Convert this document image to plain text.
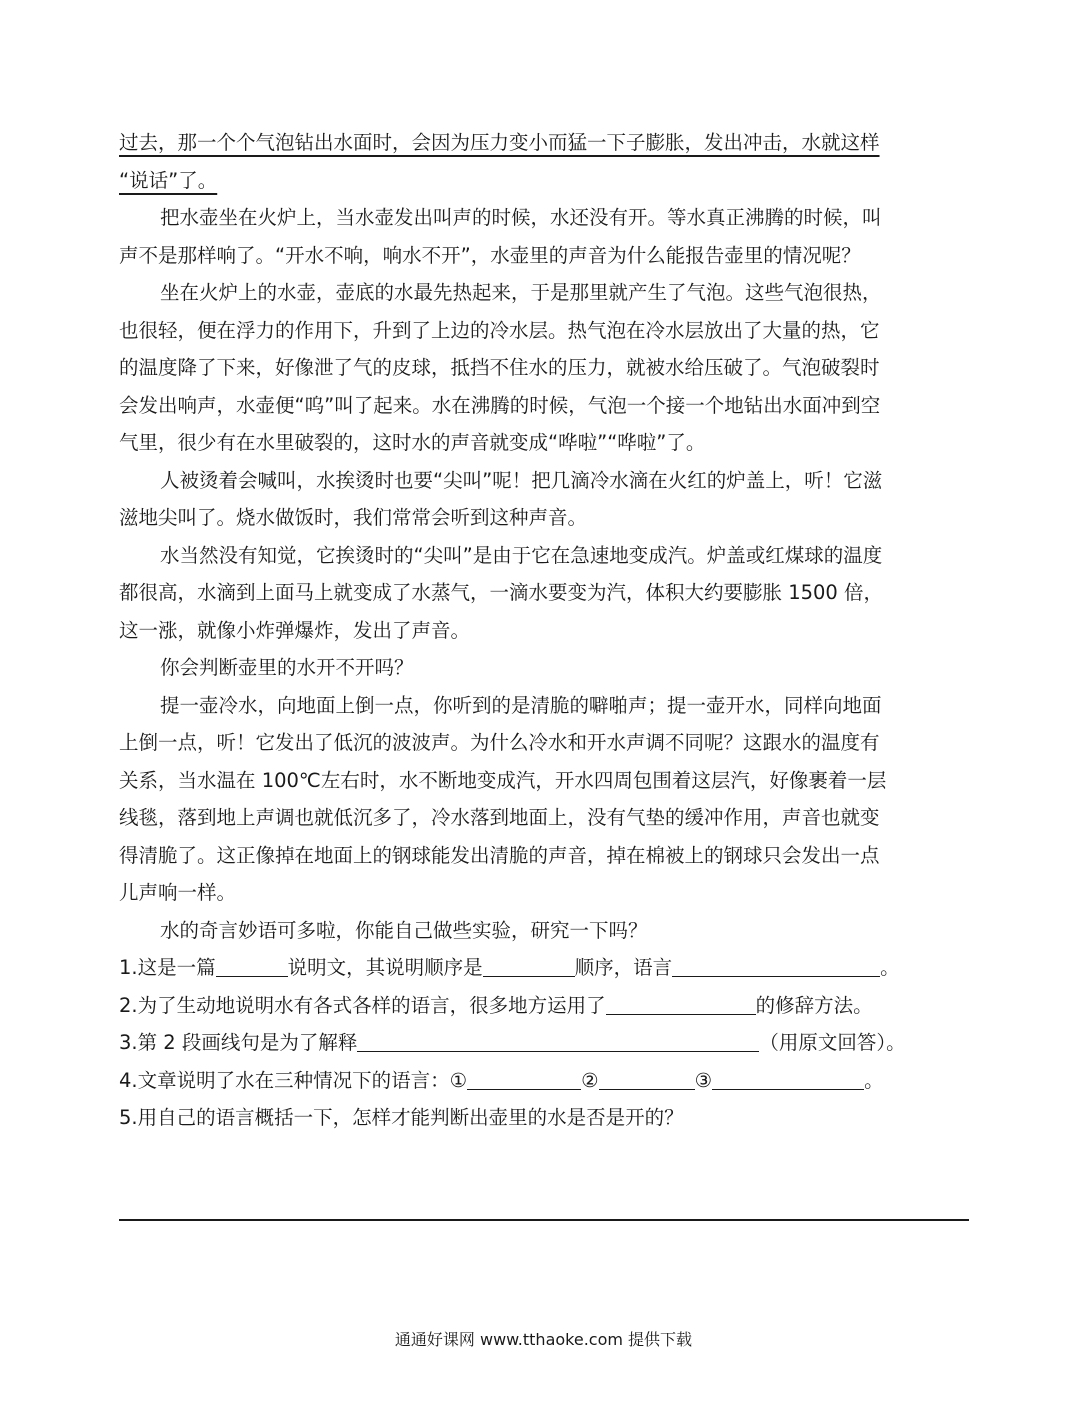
过去，那一个个气泡钻出水面时，会因为压力变小而猛一下子膨胀，发出冲击，水就这样
“说话”了。
把水壶坐在火炉上，当水壶发出叫声的时候，水还没有开。等水真正沸腾的时候，叫
声不是那样响了。“开水不响，响水不开”，水壶里的声音为什么能报告壶里的情况呢？
坐在火炉上的水壶，壶底的水最先热起来，于是那里就产生了气泡。这些气泡很热，
也很轻，便在浮力的作用下，升到了上边的冷水层。热气泡在冷水层放出了大量的热，它
的温度降了下来，好像泄了气的皮球，抵挡不住水的压力，就被水给压破了。气泡破裂时
会发出响声，水壶便“呜”叫了起来。水在沸腾的时候，气泡一个接一个地钻出水面冲到空
气里，很少有在水里破裂的，这时水的声音就变成“哗啦”“哗啦”了。
人被烫着会喊叫，水挨烫时也要“尖叫”呢！把几滴冷水滴在火红的炉盖上，听！它滋
滋地尖叫了。烧水做饭时，我们常常会听到这种声音。
水当然没有知觉，它挨烫时的“尖叫”是由于它在急速地变成汽。炉盖或红煤球的温度
都很高，水滴到上面马上就变成了水蒸气，一滴水要变为汽，体积大约要膨胀 1500 倍，
这一涨，就像小炸弹爆炸，发出了声音。
你会判断壶里的水开不开吗？
提一壶冷水，向地面上倒一点，你听到的是清脆的噼啪声；提一壶开水，同样向地面
上倒一点，听！它发出了低沉的波波声。为什么冷水和开水声调不同呢？这跟水的温度有
关系，当水温在 100℃左右时，水不断地变成汽，开水四周包围着这层汽，好像裹着一层
线毯，落到地上声调也就低沉多了，冷水落到地面上，没有气垫的缓冲作用，声音也就变
得清脆了。这正像掉在地面上的钢球能发出清脆的声音，掉在棉被上的钢球只会发出一点
儿声响一样。
水的奇言妙语可多啦，你能自己做些实验，研究一下吗？
1.这是一篇	说明文，其说明顺序是	顺序，语言	。
2.为了生动地说明水有各式各样的语言，很多地方运用了	的修辞方法。
3.第 2 段画线句是为了解释	（用原文回答）。
4.文章说明了水在三种情况下的语言：①	②	③	。
5.用自己的语言概括一下，怎样才能判断出壶里的水是否是开的？
通通好课网 www.tthaoke.com 提供下载
